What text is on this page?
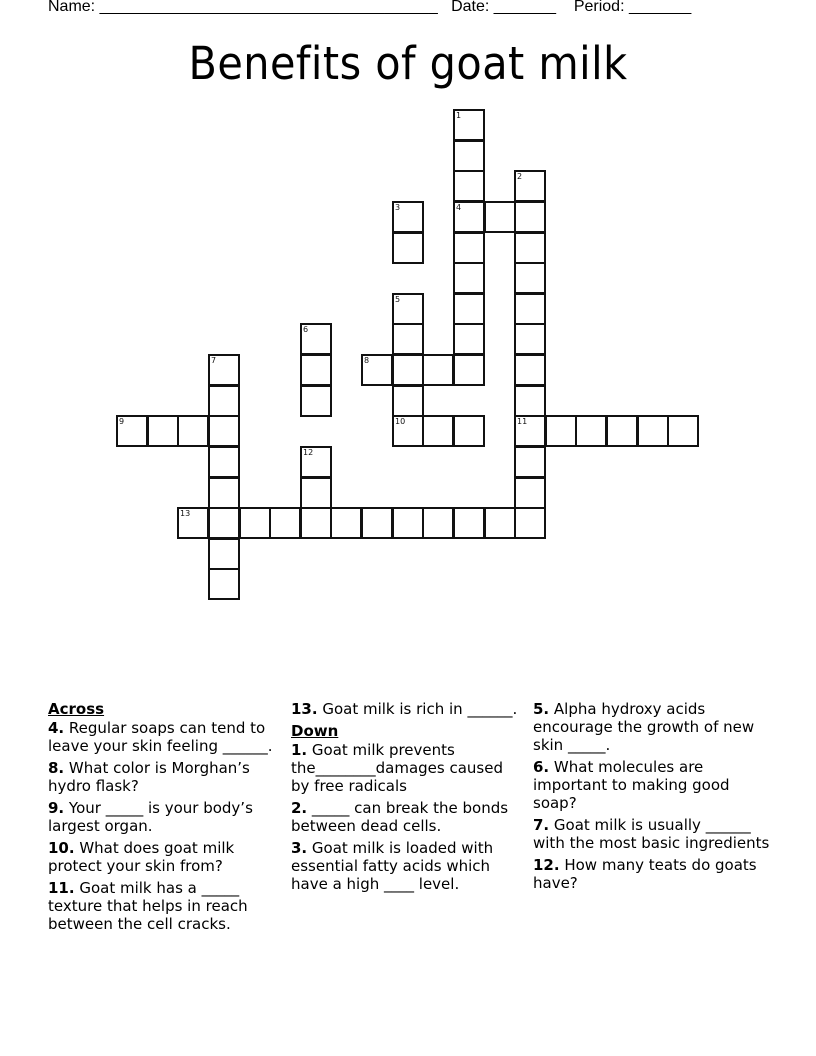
Name: ______________________________________ Date: _______ Period: _______
Benefits of goat milk
1
4
2
11
3
5
10
6
7	8
9
12
13
Across
4. Regular soaps can tend to leave your skin feeling ______.
8. What color is Morghan’s hydro flask?
9. Your _____ is your body’s largest organ.
10. What does goat milk protect your skin from?
11. Goat milk has a _____ texture that helps in reach between the cell cracks.
13. Goat milk is rich in ______.
Down
1. Goat milk prevents the________damages caused by free radicals
2. _____ can break the bonds between dead cells.
3. Goat milk is loaded with essential fatty acids which have a high ____ level.
5. Alpha hydroxy acids encourage the growth of new skin _____.
6. What molecules are important to making good soap?
7. Goat milk is usually ______ with the most basic ingredients
12. How many teats do goats have?
